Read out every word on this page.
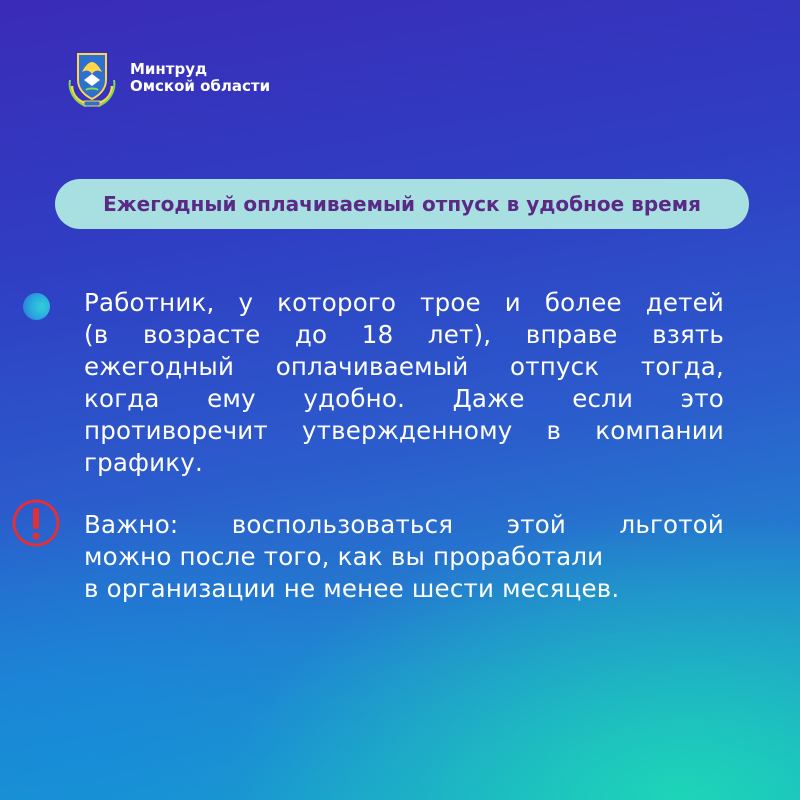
Минтруд
Омской области
Ежегодный оплачиваемый отпуск в удобное время
Работник, у которого трое и более детей
(в возрасте до 18 лет), вправе взять
ежегодный оплачиваемый отпуск тогда,
когда ему удобно. Даже если это
противоречит утвержденному в компании
графику.
Важно: воспользоваться этой льготой
можно после того, как вы проработали
в организации не менее шести месяцев.
